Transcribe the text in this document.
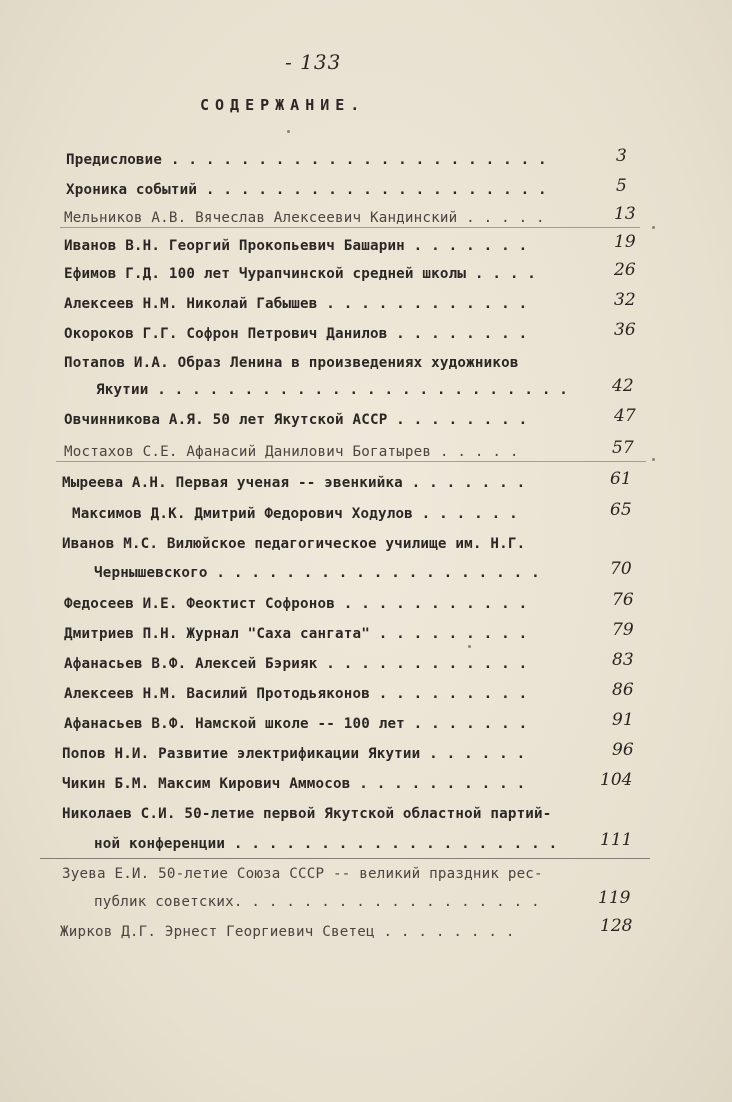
- 133
СОДЕРЖАНИЕ.
Предисловие . . . . . . . . . . . . . . . . . . . . . .	3
Хроника событий . . . . . . . . . . . . . . . . . . . .	5
Мельников А.В. Вячеслав Алексеевич Кандинский . . . . .	13
Иванов В.Н. Георгий Прокопьевич Башарин . . . . . . .	19
Ефимов Г.Д. 100 лет Чурапчинской средней школы . . . .	26
Алексеев Н.М. Николай Габышев . . . . . . . . . . . .	32
Окороков Г.Г. Софрон Петрович Данилов . . . . . . . .	36
Потапов И.А. Образ Ленина в произведениях художников
Якутии . . . . . . . . . . . . . . . . . . . . . . . .	42
Овчинникова А.Я. 50 лет Якутской АССР . . . . . . . .	47
Мостахов С.Е. Афанасий Данилович Богатырев . . . . .	57
Мыреева А.Н. Первая ученая -- эвенкийка . . . . . . .	61
Максимов Д.К. Дмитрий Федорович Ходулов . . . . . .	65
Иванов М.С. Вилюйское педагогическое училище им. Н.Г.
Чернышевского . . . . . . . . . . . . . . . . . . .	70
Федосеев И.Е. Феоктист Софронов . . . . . . . . . . .	76
Дмитриев П.Н. Журнал "Саха сангата" . . . . . . . . .	79
Афанасьев В.Ф. Алексей Бэрияк . . . . . . . . . . . .	83
Алексеев Н.М. Василий Протодьяконов . . . . . . . . .	86
Афанасьев В.Ф. Намской школе -- 100 лет . . . . . . .	91
Попов Н.И. Развитие электрификации Якутии . . . . . .	96
Чикин Б.М. Максим Кирович Аммосов . . . . . . . . . .	104
Николаев С.И. 50-летие первой Якутской областной партий-
ной конференции . . . . . . . . . . . . . . . . . . .	111
Зуева Е.И. 50-летие Союза СССР -- великий праздник рес-
публик советских. . . . . . . . . . . . . . . . . .	119
Жирков Д.Г. Эрнест Георгиевич Светец . . . . . . . .	128
